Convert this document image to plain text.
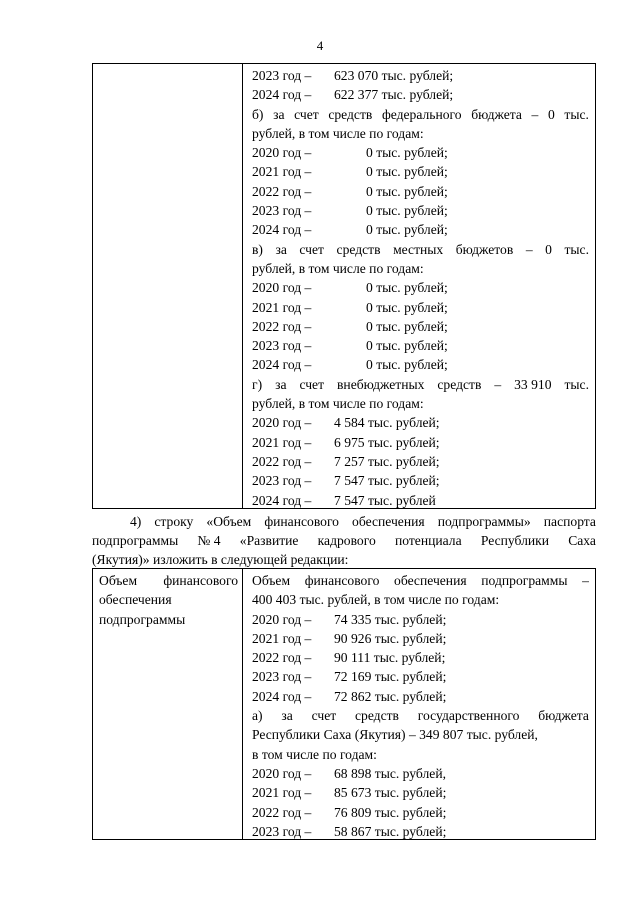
4
2023 год –	623 070 тыс. рублей;
2024 год –	622 377 тыс. рублей;
б) за счет средств федерального бюджета – 0 тыс.
рублей, в том числе по годам:
2020 год –	0 тыс. рублей;
2021 год –	0 тыс. рублей;
2022 год –	0 тыс. рублей;
2023 год –	0 тыс. рублей;
2024 год –	0 тыс. рублей;
в) за счет средств местных бюджетов – 0 тыс.
рублей, в том числе по годам:
2020 год –	0 тыс. рублей;
2021 год –	0 тыс. рублей;
2022 год –	0 тыс. рублей;
2023 год –	0 тыс. рублей;
2024 год –	0 тыс. рублей;
г) за счет внебюджетных средств – 33 910 тыс.
рублей, в том числе по годам:
2020 год –	4 584 тыс. рублей;
2021 год –	6 975 тыс. рублей;
2022 год –	7 257 тыс. рублей;
2023 год –	7 547 тыс. рублей;
2024 год –	7 547 тыс. рублей
4) строку «Объем финансового обеспечения подпрограммы» паспорта
подпрограммы № 4 «Развитие кадрового потенциала Республики Саха
(Якутия)» изложить в следующей редакции:
Объем финансового
обеспечения
подпрограммы
Объем финансового обеспечения подпрограммы –
400 403 тыс. рублей, в том числе по годам:
2020 год –	74 335 тыс. рублей;
2021 год –	90 926 тыс. рублей;
2022 год –	90 111 тыс. рублей;
2023 год –	72 169 тыс. рублей;
2024 год –	72 862 тыс. рублей;
а) за счет средств государственного бюджета
Республики Саха (Якутия) – 349 807 тыс. рублей,
в том числе по годам:
2020 год –	68 898 тыс. рублей,
2021 год –	85 673 тыс. рублей;
2022 год –	76 809 тыс. рублей;
2023 год –	58 867 тыс. рублей;
